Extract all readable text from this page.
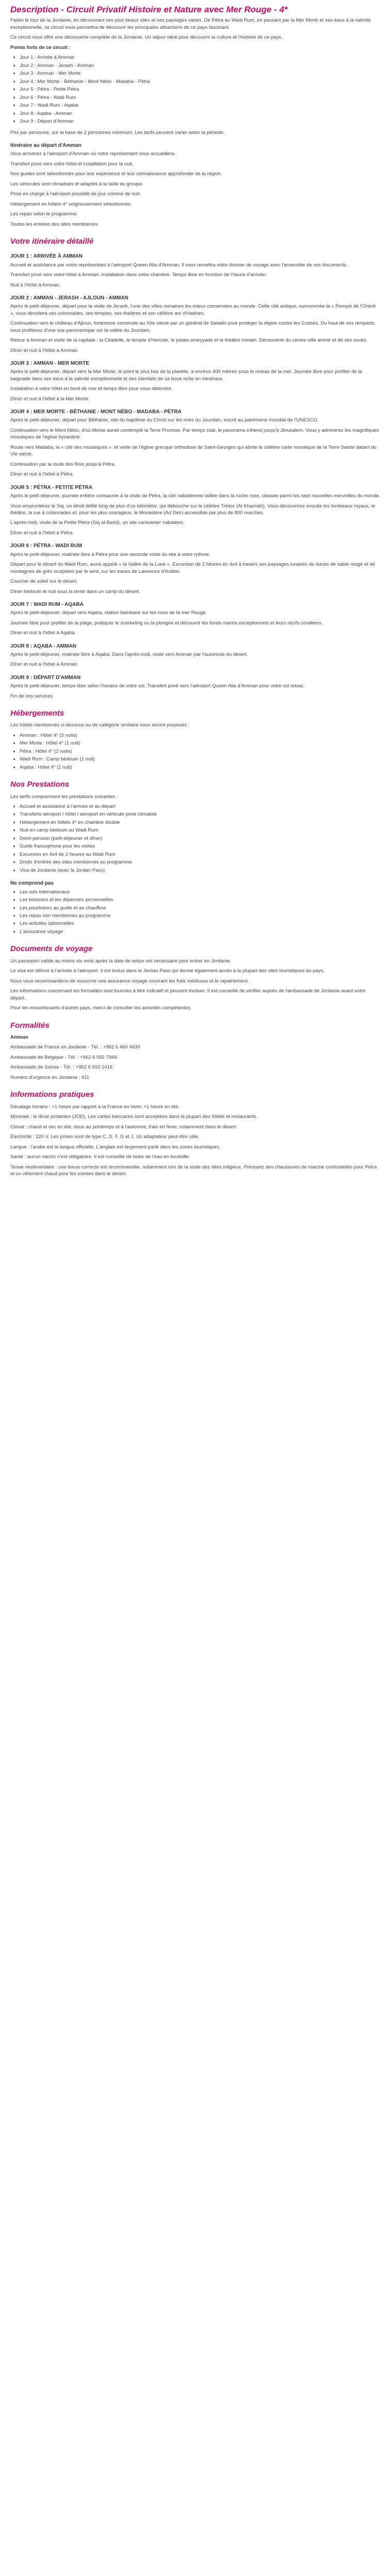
Description - Circuit Privatif Histoire et Nature avec Mer Rouge - 4*

Faites le tour de la Jordanie, en découvrant ses plus beaux sites et ses paysages variés. De Pétra au Wadi Rum, en passant par la Mer Morte et ses eaux à la salinité exceptionnelle, ce circuit vous permettra de découvrir les principales attractions de ce pays fascinant.

Ce circuit vous offre une découverte complète de la Jordanie. Un séjour idéal pour découvrir la culture et l'histoire de ce pays.

Points forts de ce circuit :

• Jour 1 : Arrivée à Amman
• Jour 2 : Amman - Jerash - Amman
• Jour 3 : Amman - Mer Morte
• Jour 4 : Mer Morte - Béthanie - Mont Nébo - Madaba - Pétra
• Jour 5 : Pétra - Petite Pétra
• Jour 6 : Pétra - Wadi Rum
• Jour 7 : Wadi Rum - Aqaba
• Jour 8 : Aqaba - Amman
• Jour 9 : Départ d'Amman

Prix par personne, sur la base de 2 personnes minimum. Les tarifs peuvent varier selon la période.

Itinéraire au départ d'Amman

Vous arriverez à l'aéroport d'Amman où notre représentant vous accueillera.

Transfert privé vers votre hôtel et installation pour la nuit.

Nos guides sont sélectionnés pour leur expérience et leur connaissance approfondie de la région.

Les véhicules sont climatisés et adaptés à la taille du groupe.

Prise en charge à l'aéroport possible de jour comme de nuit.

Hébergement en hôtels 4* soigneusement sélectionnés.

Les repas selon le programme.

Toutes les entrées des sites mentionnés.

Votre itinéraire détaillé
JOUR 1 : ARRIVÉE À AMMAN

Accueil et assistance par notre représentant à l'aéroport Queen Alia d'Amman. Il vous remettra votre dossier de voyage avec l'ensemble de vos documents.

Transfert privé vers votre hôtel à Amman. Installation dans votre chambre. Temps libre en fonction de l'heure d'arrivée.

Nuit à l'hôtel à Amman.

JOUR 2 : AMMAN - JERASH - AJLOUN - AMMAN

Après le petit-déjeuner, départ pour la visite de Jerash, l'une des villes romaines les mieux conservées au monde. Cette cité antique, surnommée la « Pompéi de l'Orient », vous dévoilera ses colonnades, ses temples, ses théâtres et son célèbre arc d'Hadrien.

Continuation vers le château d'Ajloun, forteresse construite au XIIe siècle par un général de Saladin pour protéger la région contre les Croisés. Du haut de ses remparts, vous profiterez d'une vue panoramique sur la vallée du Jourdain.

Retour à Amman et visite de la capitale : la Citadelle, le temple d'Hercule, le palais omeyyade et le théâtre romain. Découverte du centre-ville animé et de ses souks.

Dîner et nuit à l'hôtel à Amman.

JOUR 3 : AMMAN - MER MORTE

Après le petit-déjeuner, départ vers la Mer Morte, le point le plus bas de la planète, à environ 400 mètres sous le niveau de la mer. Journée libre pour profiter de la baignade dans ses eaux à la salinité exceptionnelle et des bienfaits de sa boue riche en minéraux.

Installation à votre hôtel en bord de mer et temps libre pour vous détendre.

Dîner et nuit à l'hôtel à la Mer Morte.

JOUR 4 : MER MORTE - BÉTHANIE - MONT NÉBO - MADABA - PÉTRA

Après le petit-déjeuner, départ pour Béthanie, site du baptême du Christ sur les rives du Jourdain, inscrit au patrimoine mondial de l'UNESCO.

Continuation vers le Mont Nébo, d'où Moïse aurait contemplé la Terre Promise. Par temps clair, le panorama s'étend jusqu'à Jérusalem. Vous y admirerez les magnifiques mosaïques de l'église byzantine.

Route vers Madaba, la « cité des mosaïques », et visite de l'église grecque orthodoxe de Saint-Georges qui abrite la célèbre carte mosaïque de la Terre Sainte datant du VIe siècle.

Continuation par la route des Rois jusqu'à Pétra.

Dîner et nuit à l'hôtel à Pétra.

JOUR 5 : PÉTRA - PETITE PÉTRA

Après le petit-déjeuner, journée entière consacrée à la visite de Pétra, la cité nabatéenne taillée dans la roche rose, classée parmi les sept nouvelles merveilles du monde.

Vous emprunterez le Siq, un étroit défilé long de plus d'un kilomètre, qui débouche sur le célèbre Trésor (Al Khazneh). Vous découvrirez ensuite les tombeaux royaux, le théâtre, la rue à colonnades et, pour les plus courageux, le Monastère (Ad Deir) accessible par plus de 800 marches.

L'après-midi, visite de la Petite Pétra (Siq al-Barid), un site caravanier nabatéen.

Dîner et nuit à l'hôtel à Pétra.

JOUR 6 : PÉTRA - WADI RUM

Après le petit-déjeuner, matinée libre à Pétra pour une seconde visite du site à votre rythme.

Départ pour le désert du Wadi Rum, aussi appelé « la Vallée de la Lune ». Excursion de 2 heures en 4x4 à travers ses paysages lunaires de dunes de sable rouge et de montagnes de grès sculptées par le vent, sur les traces de Lawrence d'Arabie.

Coucher de soleil sur le désert.

Dîner bédouin et nuit sous la tente dans un camp du désert.

JOUR 7 : WADI RUM - AQABA

Après le petit-déjeuner, départ vers Aqaba, station balnéaire sur les rives de la mer Rouge.

Journée libre pour profiter de la plage, pratiquer le snorkeling ou la plongée et découvrir les fonds marins exceptionnels et leurs récifs coralliens.

Dîner et nuit à l'hôtel à Aqaba.

JOUR 8 : AQABA - AMMAN

Après le petit-déjeuner, matinée libre à Aqaba. Dans l'après-midi, route vers Amman par l'autoroute du désert.

Dîner et nuit à l'hôtel à Amman.

JOUR 9 : DÉPART D'AMMAN

Après le petit-déjeuner, temps libre selon l'horaire de votre vol. Transfert privé vers l'aéroport Queen Alia d'Amman pour votre vol retour.

Fin de nos services.

Hébergements

Les hôtels mentionnés ci-dessous ou de catégorie similaire vous seront proposés :

• Amman : Hôtel 4* (3 nuits)
• Mer Morte : Hôtel 4* (1 nuit)
• Pétra : Hôtel 4* (2 nuits)
• Wadi Rum : Camp bédouin (1 nuit)
• Aqaba : Hôtel 4* (1 nuit)
Nos Prestations

Les tarifs comprennent les prestations suivantes :

• Accueil et assistance à l'arrivée et au départ
• Transferts aéroport / hôtel / aéroport en véhicule privé climatisé
• Hébergement en hôtels 4* en chambre double
• Nuit en camp bédouin au Wadi Rum
• Demi-pension (petit-déjeuner et dîner)
• Guide francophone pour les visites
• Excursion en 4x4 de 2 heures au Wadi Rum
• Droits d'entrée des sites mentionnés au programme
• Visa de Jordanie (avec le Jordan Pass)
Ne comprend pas
• Les vols internationaux
• Les boissons et les dépenses personnelles
• Les pourboires au guide et au chauffeur
• Les repas non mentionnés au programme
• Les activités optionnelles
• L'assurance voyage
Documents de voyage

Un passeport valide au moins six mois après la date de retour est nécessaire pour entrer en Jordanie.

Le visa est délivré à l'arrivée à l'aéroport. Il est inclus dans le Jordan Pass qui donne également accès à la plupart des sites touristiques du pays.

Nous vous recommandons de souscrire une assurance voyage couvrant les frais médicaux et le rapatriement.

Les informations concernant les formalités sont fournies à titre indicatif et peuvent évoluer. Il est conseillé de vérifier auprès de l'ambassade de Jordanie avant votre départ.

Pour les ressortissants d'autres pays, merci de consulter les autorités compétentes.

Formalités

Amman

Ambassade de France en Jordanie - Tél. : +962 6 460 4630

Ambassade de Belgique - Tél. : +962 6 592 7566

Ambassade de Suisse - Tél. : +962 6 593 1416

Numéro d'urgence en Jordanie : 911

Informations pratiques

Décalage horaire : +1 heure par rapport à la France en hiver, +1 heure en été.

Monnaie : le dinar jordanien (JOD). Les cartes bancaires sont acceptées dans la plupart des hôtels et restaurants.

Climat : chaud et sec en été, doux au printemps et à l'automne, frais en hiver, notamment dans le désert.

Électricité : 220 V. Les prises sont de type C, D, F, G et J. Un adaptateur peut être utile.

Langue : l'arabe est la langue officielle. L'anglais est largement parlé dans les zones touristiques.

Santé : aucun vaccin n'est obligatoire. Il est conseillé de boire de l'eau en bouteille.

Tenue vestimentaire : une tenue correcte est recommandée, notamment lors de la visite des sites religieux. Prévoyez des chaussures de marche confortables pour Pétra et un vêtement chaud pour les soirées dans le désert.
